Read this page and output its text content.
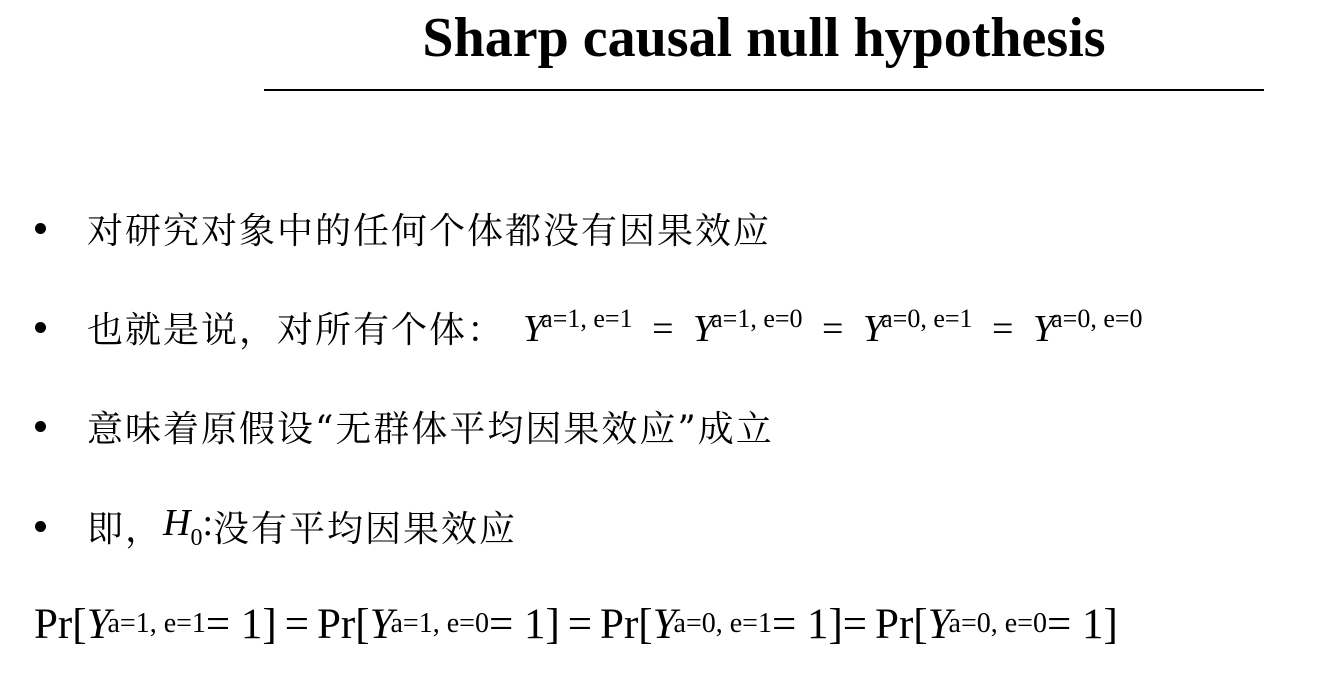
Sharp causal null hypothesis
对研究对象中的任何个体都没有因果效应
也就是说，对所有个体： $Y^{a=1, e=1} = Y^{a=1, e=0} = Y^{a=0, e=1} = Y^{a=0, e=0}$
意味着原假设“无群体平均因果效应”成立
即， $H_0$: 没有平均因果效应
Pr[ Y
a=1, e=1 = 1] = Pr[ Y
a=1, e=0 = 1] = Pr[ Y
a=0, e=1 = 1] = Pr[ Y
a=0, e=0 = 1]
